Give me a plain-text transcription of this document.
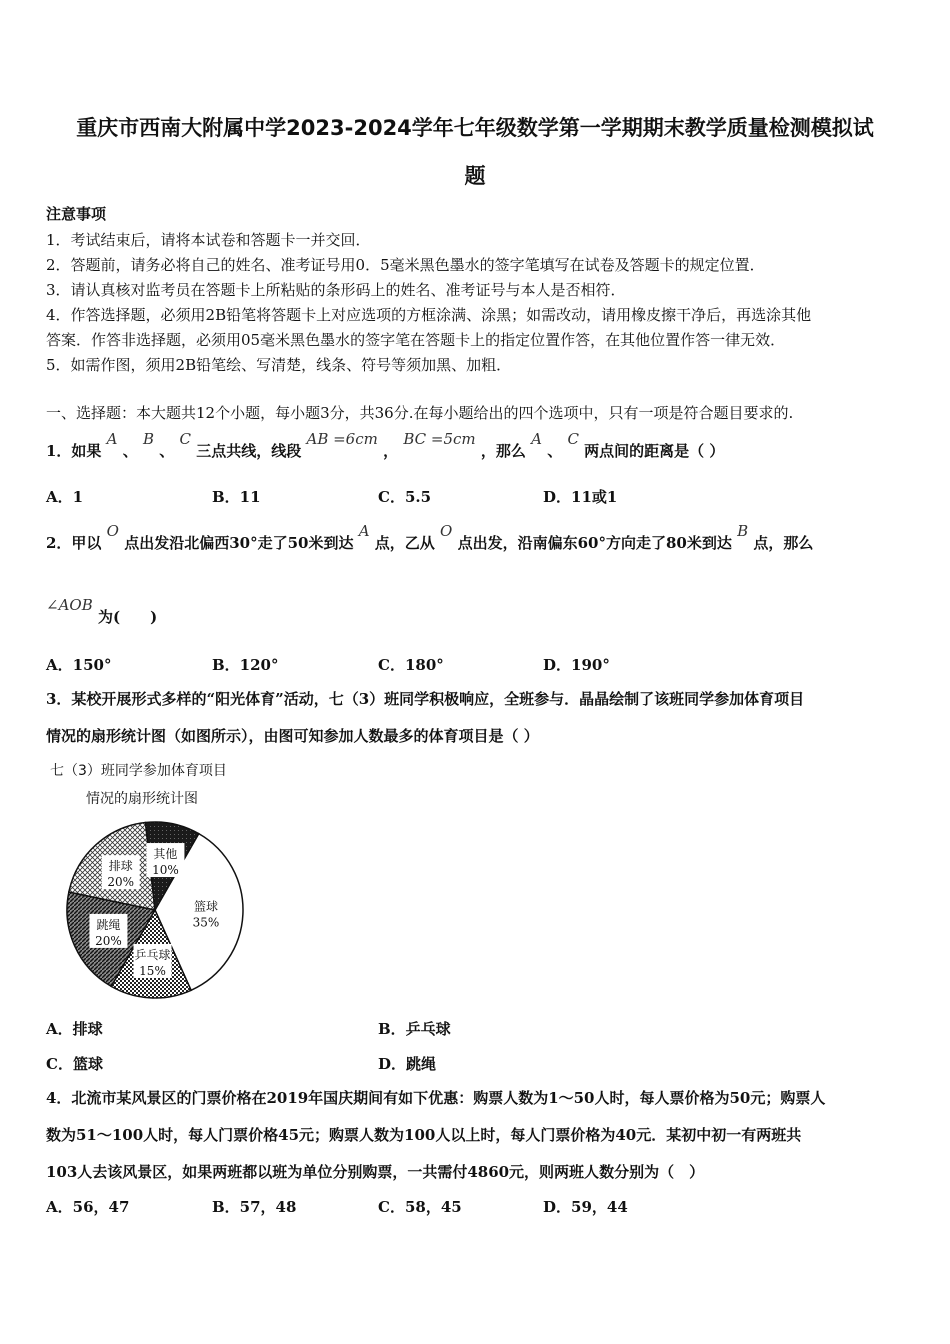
重庆市西南大附属中学2023-2024学年七年级数学第一学期期末教学质量检测模拟试
题
注意事项
1．考试结束后，请将本试卷和答题卡一并交回．
2．答题前，请务必将自己的姓名、准考证号用0．5毫米黑色墨水的签字笔填写在试卷及答题卡的规定位置．
3．请认真核对监考员在答题卡上所粘贴的条形码上的姓名、准考证号与本人是否相符．
4．作答选择题，必须用2B铅笔将答题卡上对应选项的方框涂满、涂黑；如需改动，请用橡皮擦干净后，再选涂其他
答案．作答非选择题，必须用05毫米黑色墨水的签字笔在答题卡上的指定位置作答，在其他位置作答一律无效．
5．如需作图，须用2B铅笔绘、写清楚，线条、符号等须加黑、加粗．
一、选择题：本大题共12个小题，每小题3分，共36分.在每小题给出的四个选项中，只有一项是符合题目要求的.
1．如果 A 、 B 、 C 三点共线，线段 AB =6cm ， BC =5cm ，那么 A 、 C 两点间的距离是（ ）
A．1	B．11	C．5.5	D．11或1
2．甲以 O 点出发沿北偏西30°走了50米到达 A 点，乙从 O 点出发，沿南偏东60°方向走了80米到达 B 点，那么
∠AOB 为(　　)
A．150°	B．120°	C．180°	D．190°
3．某校开展形式多样的“阳光体育”活动，七（3）班同学积极响应，全班参与．晶晶绘制了该班同学参加体育项目
情况的扇形统计图（如图所示），由图可知参加人数最多的体育项目是（ ）
七（3）班同学参加体育项目
情况的扇形统计图
篮球
35%
乒乓球
15%
跳绳
20%
排球
20%
其他
10%
A．排球	B．乒乓球
C．篮球	D．跳绳
4．北流市某风景区的门票价格在2019年国庆期间有如下优惠：购票人数为1～50人时，每人票价格为50元；购票人
数为51～100人时，每人门票价格45元；购票人数为100人以上时，每人门票价格为40元．某初中初一有两班共
103人去该风景区，如果两班都以班为单位分别购票，一共需付4860元，则两班人数分别为（　）
A．56，47	B．57，48	C．58，45	D．59，44
